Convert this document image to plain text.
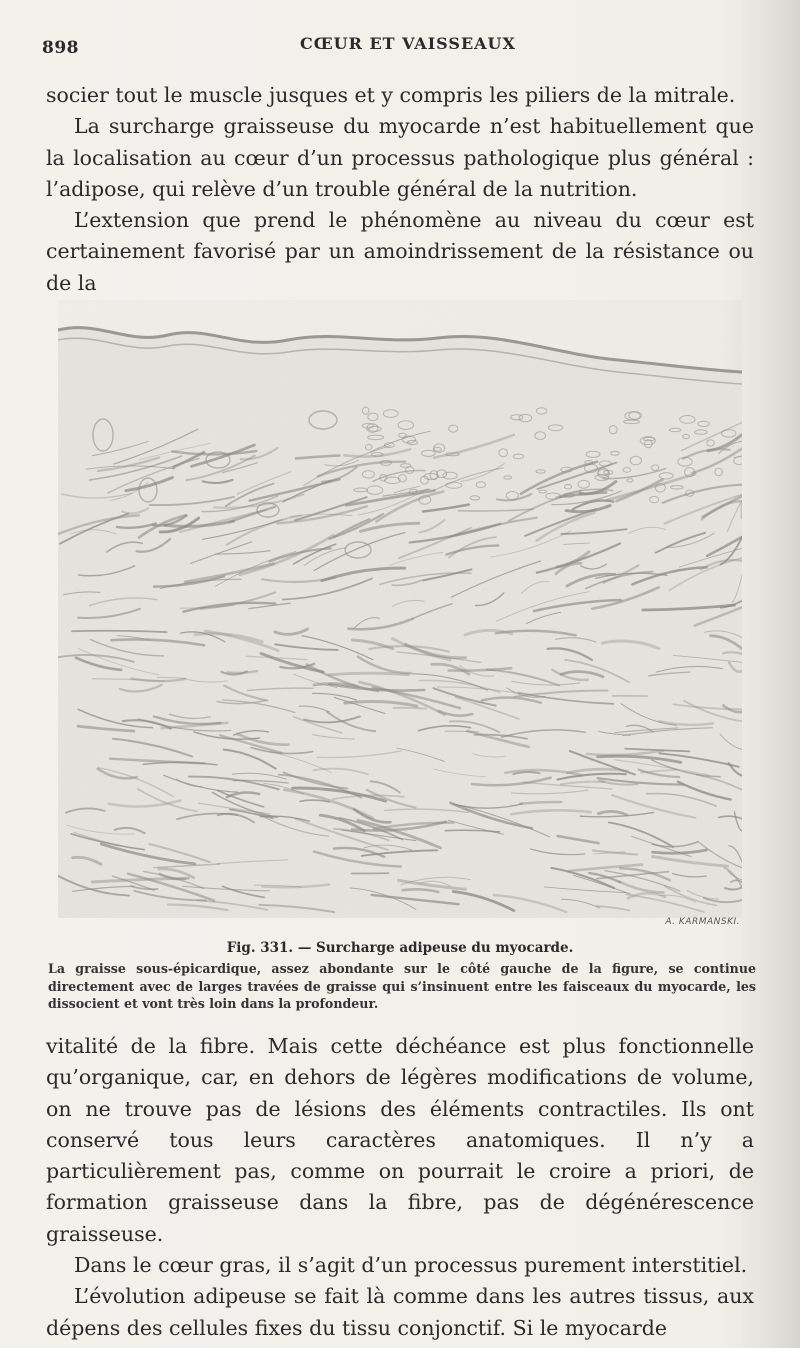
898	CŒUR ET VAISSEAUX

socier tout le muscle jusques et y compris les piliers de la mitrale.

La surcharge graisseuse du myocarde n’est habituellement que la localisation au cœur d’un processus pathologique plus général : l’adipose, qui relève d’un trouble général de la nutrition.

L’extension que prend le phénomène au niveau du cœur est certainement favorisé par un amoindrissement de la résistance ou de la

A. KARMANSKI.
Fig. 331. — Surcharge adipeuse du myocarde.
La graisse sous-épicardique, assez abondante sur le côté gauche de la figure, se continue directement avec de larges travées de graisse qui s’insinuent entre les faisceaux du myocarde, les dissocient et vont très loin dans la profondeur.

vitalité de la fibre. Mais cette déchéance est plus fonctionnelle qu’organique, car, en dehors de légères modifications de volume, on ne trouve pas de lésions des éléments contractiles. Ils ont conservé tous leurs caractères anatomiques. Il n’y a particulièrement pas, comme on pourrait le croire a priori, de formation graisseuse dans la fibre, pas de dégénérescence graisseuse.

Dans le cœur gras, il s’agit d’un processus purement interstitiel.

L’évolution adipeuse se fait là comme dans les autres tissus, aux dépens des cellules fixes du tissu conjonctif. Si le myocarde
